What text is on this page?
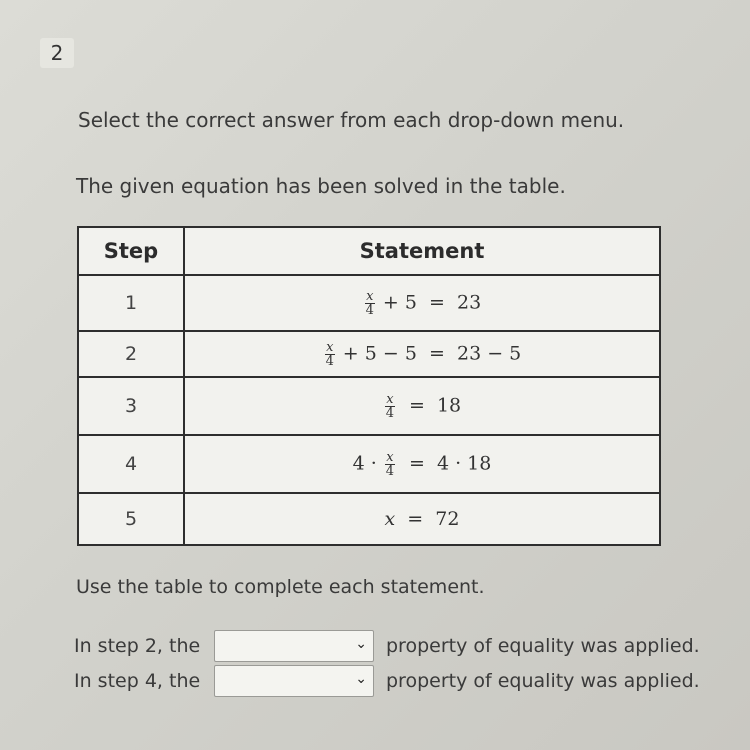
2
Select the correct answer from each drop-down menu.
The given equation has been solved in the table.
Step	Statement
1	$\frac{x}{4} + 5 = 23$
2	$\frac{x}{4} + 5 - 5 = 23 - 5$
3	$\frac{x}{4} = 18$
4	$4 \cdot \frac{x}{4} = 4 \cdot 18$
5	x  =  72
Use the table to complete each statement.
In step 2, the	⌄ property of equality was applied.
In step 4, the	⌄ property of equality was applied.
